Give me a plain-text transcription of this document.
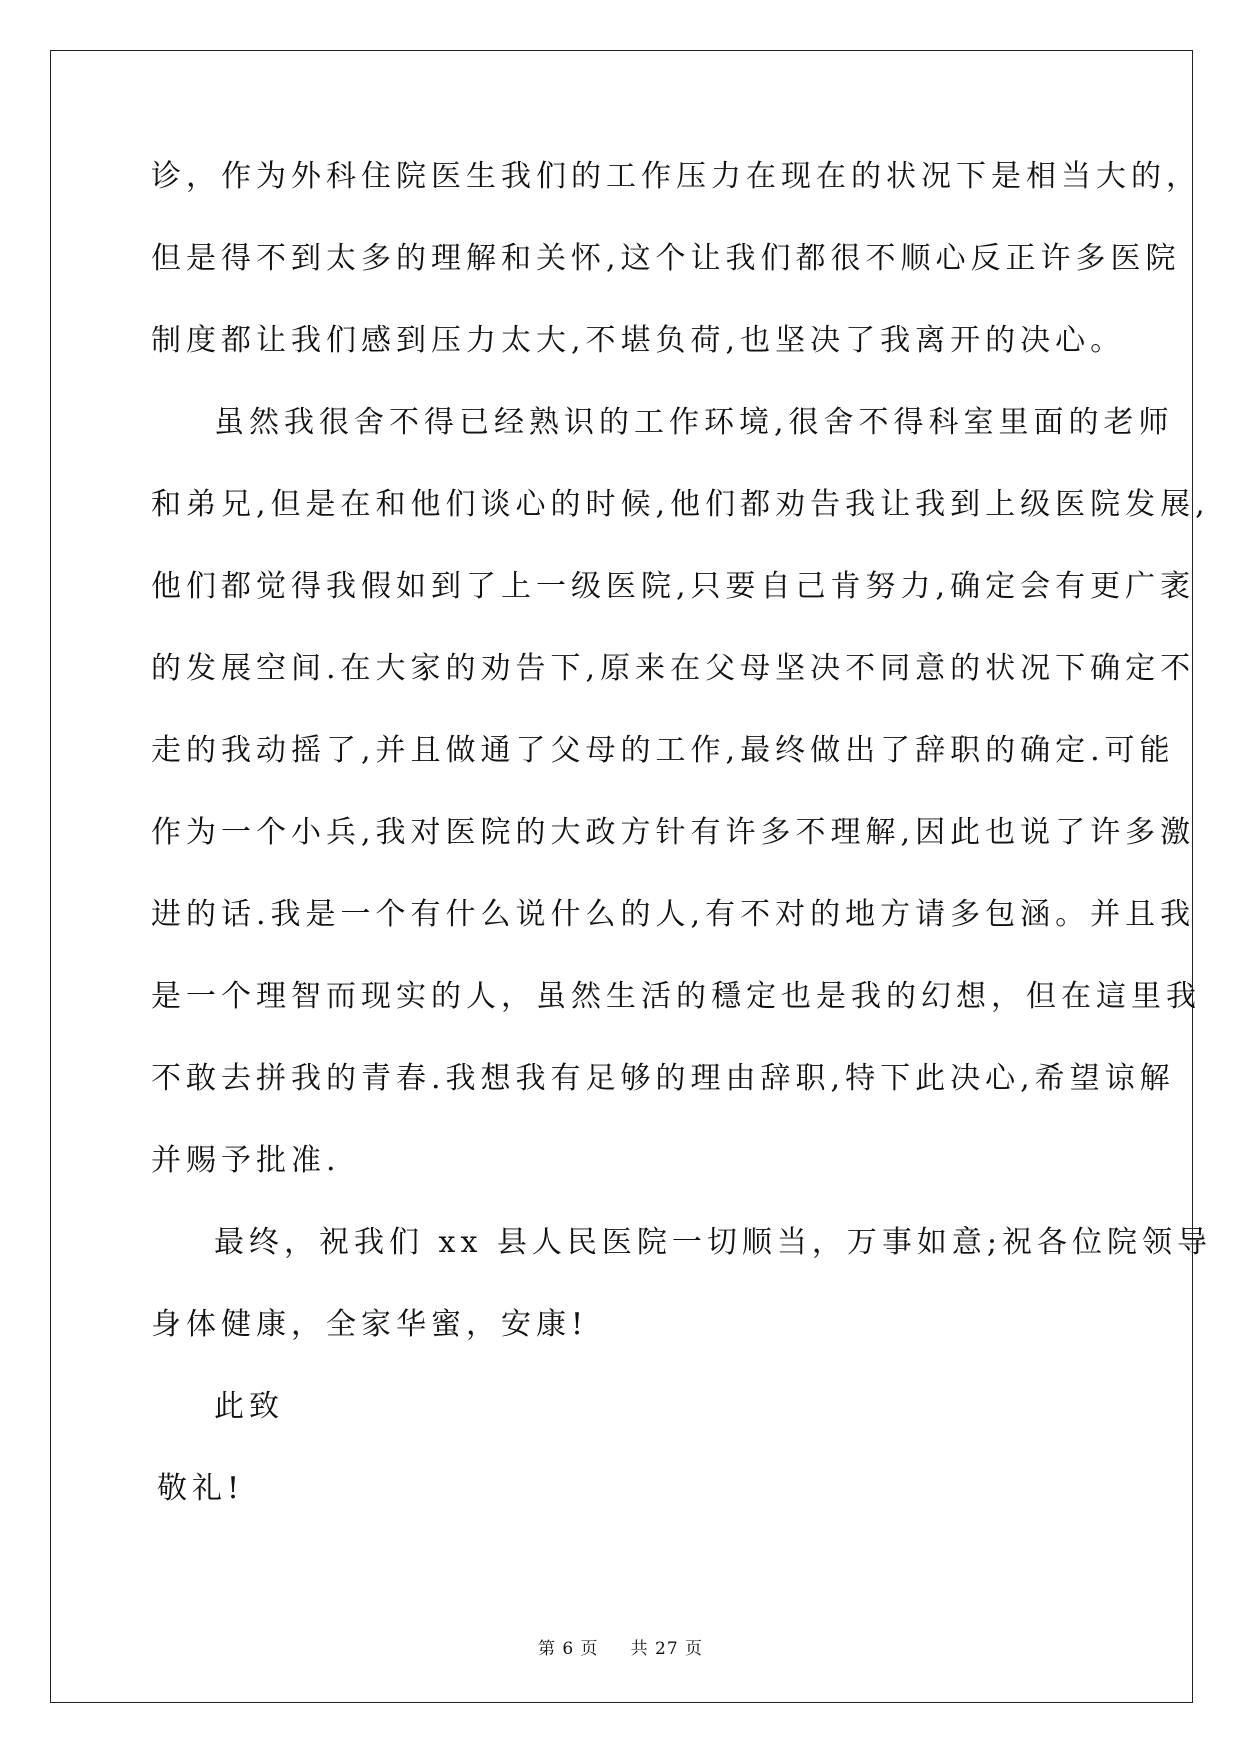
诊，作为外科住院医生我们的工作压力在现在的状况下是相当大的，
但是得不到太多的理解和关怀,这个让我们都很不顺心反正许多医院
制度都让我们感到压力太大,不堪负荷,也坚决了我离开的决心。
虽然我很舍不得已经熟识的工作环境,很舍不得科室里面的老师
和弟兄,但是在和他们谈心的时候,他们都劝告我让我到上级医院发展,
他们都觉得我假如到了上一级医院,只要自己肯努力,确定会有更广袤
的发展空间.在大家的劝告下,原来在父母坚决不同意的状况下确定不
走的我动摇了,并且做通了父母的工作,最终做出了辞职的确定.可能
作为一个小兵,我对医院的大政方针有许多不理解,因此也说了许多激
进的话.我是一个有什么说什么的人,有不对的地方请多包涵。并且我
是一个理智而现实的人，虽然生活的穩定也是我的幻想，但在這里我
不敢去拼我的青春.我想我有足够的理由辞职,特下此决心,希望谅解
并赐予批准.
最终，祝我们 xx 县人民医院一切顺当，万事如意;祝各位院领导
身体健康，全家华蜜，安康!
此致
敬礼!
第 6 页 共 27 页
